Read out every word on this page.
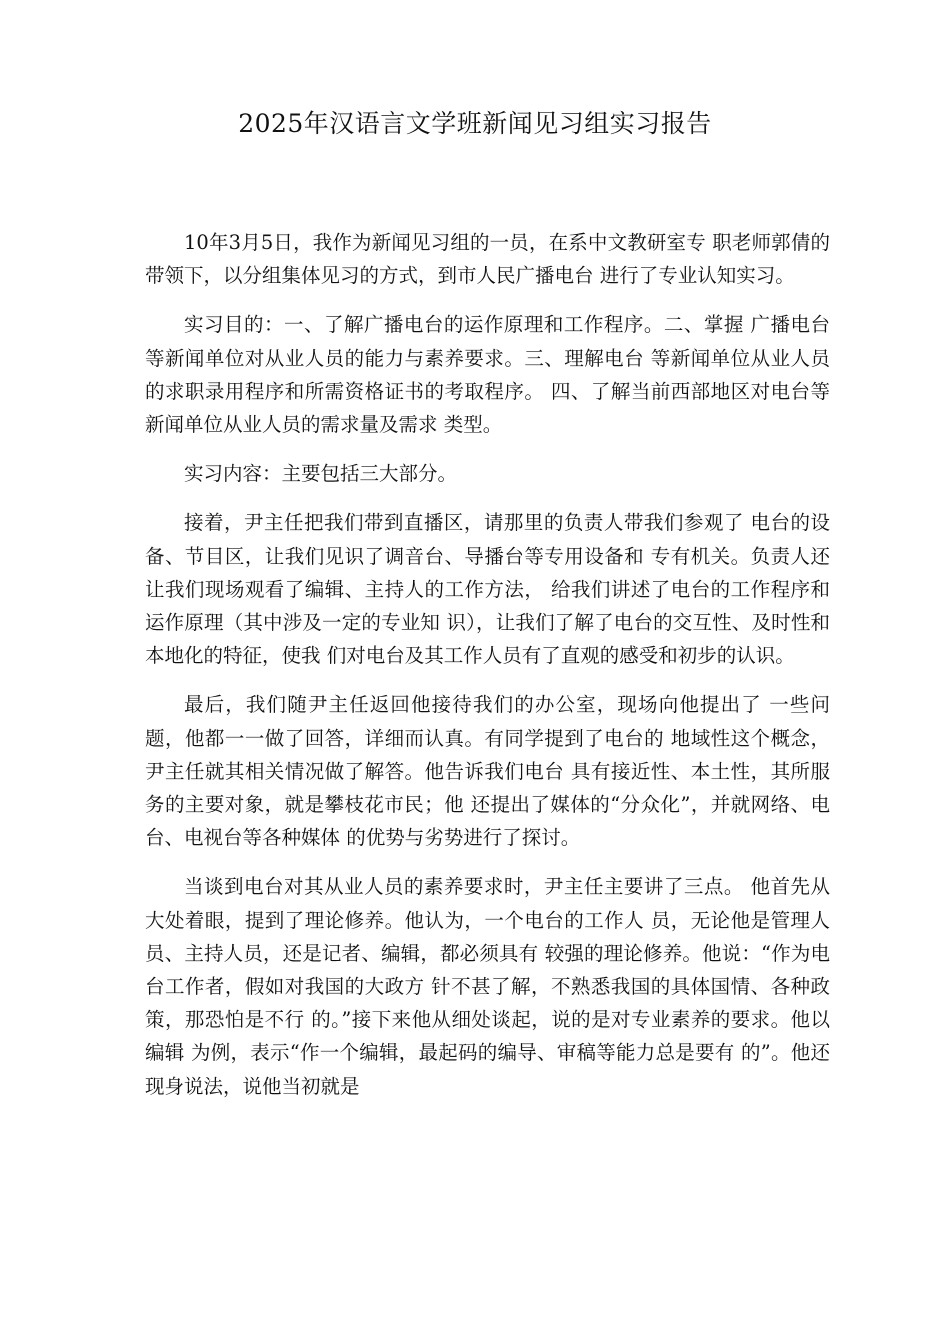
2025年汉语言文学班新闻见习组实习报告

10年3月5日，我作为新闻见习组的一员，在系中文教研室专 职老师郭倩的带领下，以分组集体见习的方式，到市人民广播电台 进行了专业认知实习。

实习目的：一、了解广播电台的运作原理和工作程序。二、掌握 广播电台等新闻单位对从业人员的能力与素养要求。三、理解电台 等新闻单位从业人员的求职录用程序和所需资格证书的考取程序。 四、了解当前西部地区对电台等新闻单位从业人员的需求量及需求 类型。

实习内容：主要包括三大部分。

接着，尹主任把我们带到直播区，请那里的负责人带我们参观了 电台的设备、节目区，让我们见识了调音台、导播台等专用设备和 专有机关。负责人还让我们现场观看了编辑、主持人的工作方法， 给我们讲述了电台的工作程序和运作原理（其中涉及一定的专业知 识），让我们了解了电台的交互性、及时性和本地化的特征，使我 们对电台及其工作人员有了直观的感受和初步的认识。

最后，我们随尹主任返回他接待我们的办公室，现场向他提出了 一些问题，他都一一做了回答，详细而认真。有同学提到了电台的 地域性这个概念，尹主任就其相关情况做了解答。他告诉我们电台 具有接近性、本土性，其所服务的主要对象，就是攀枝花市民；他 还提出了媒体的“分众化”，并就网络、电台、电视台等各种媒体 的优势与劣势进行了探讨。

当谈到电台对其从业人员的素养要求时，尹主任主要讲了三点。 他首先从大处着眼，提到了理论修养。他认为，一个电台的工作人 员，无论他是管理人员、主持人员，还是记者、编辑，都必须具有 较强的理论修养。他说：“作为电台工作者，假如对我国的大政方 针不甚了解，不熟悉我国的具体国情、各种政策，那恐怕是不行 的。”接下来他从细处谈起，说的是对专业素养的要求。他以编辑 为例，表示“作一个编辑，最起码的编导、审稿等能力总是要有 的”。他还现身说法，说他当初就是
